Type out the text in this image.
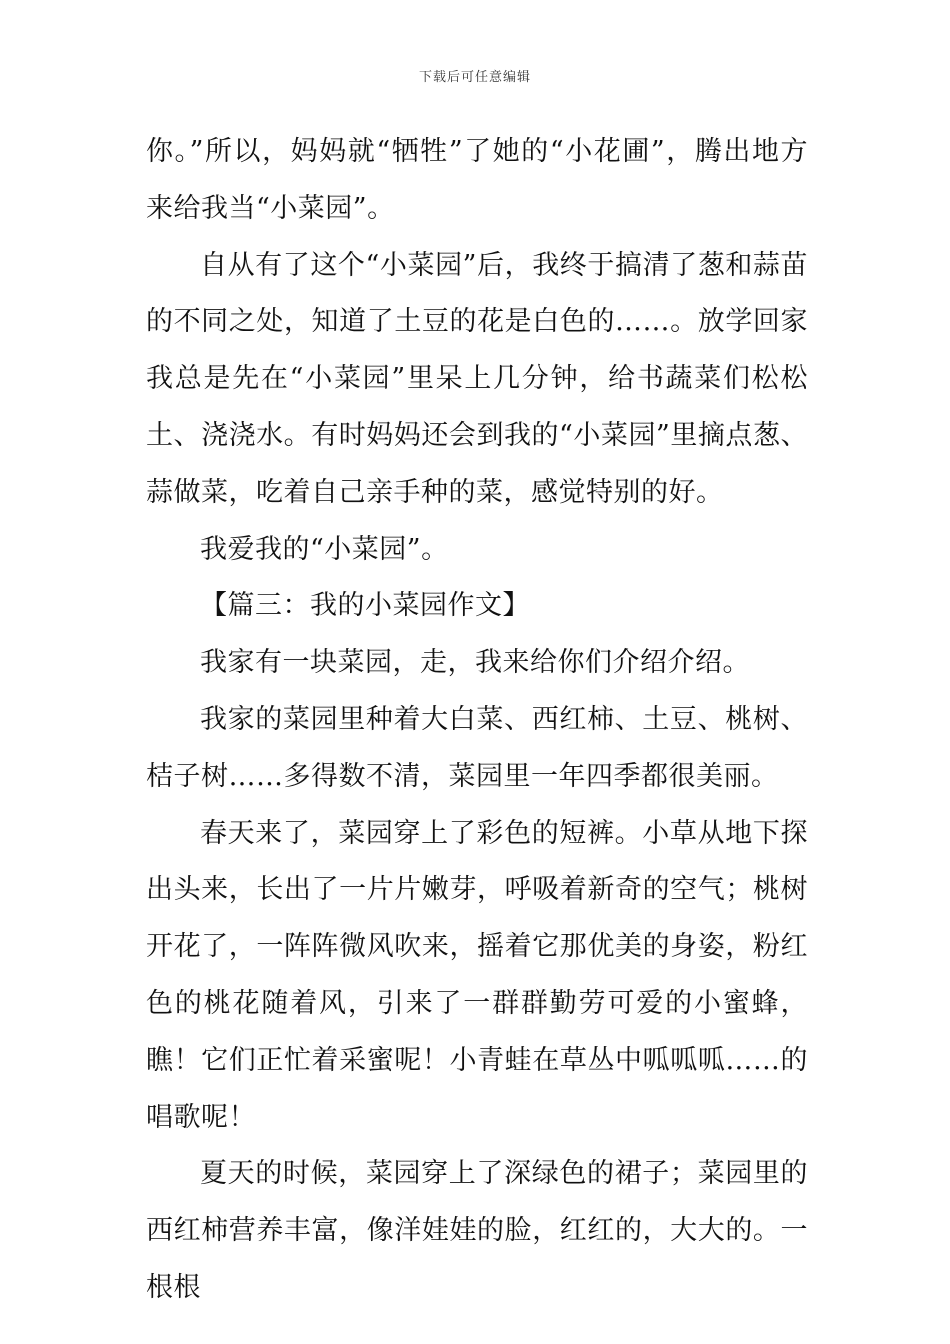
下载后可任意编辑

你。”所以，妈妈就“牺牲”了她的“小花圃”，腾出地方来给我当“小菜园”。

自从有了这个“小菜园”后，我终于搞清了葱和蒜苗的不同之处，知道了土豆的花是白色的……。放学回家我总是先在“小菜园”里呆上几分钟，给书蔬菜们松松土、浇浇水。有时妈妈还会到我的“小菜园”里摘点葱、蒜做菜，吃着自己亲手种的菜，感觉特别的好。

我爱我的“小菜园”。

【篇三：我的小菜园作文】

我家有一块菜园，走，我来给你们介绍介绍。

我家的菜园里种着大白菜、西红柿、土豆、桃树、桔子树……多得数不清，菜园里一年四季都很美丽。

春天来了，菜园穿上了彩色的短裤。小草从地下探出头来，长出了一片片嫩芽，呼吸着新奇的空气；桃树开花了，一阵阵微风吹来，摇着它那优美的身姿，粉红色的桃花随着风，引来了一群群勤劳可爱的小蜜蜂，瞧！它们正忙着采蜜呢！小青蛙在草丛中呱呱呱……的唱歌呢！

夏天的时候，菜园穿上了深绿色的裙子；菜园里的西红柿营养丰富，像洋娃娃的脸，红红的，大大的。一根根
